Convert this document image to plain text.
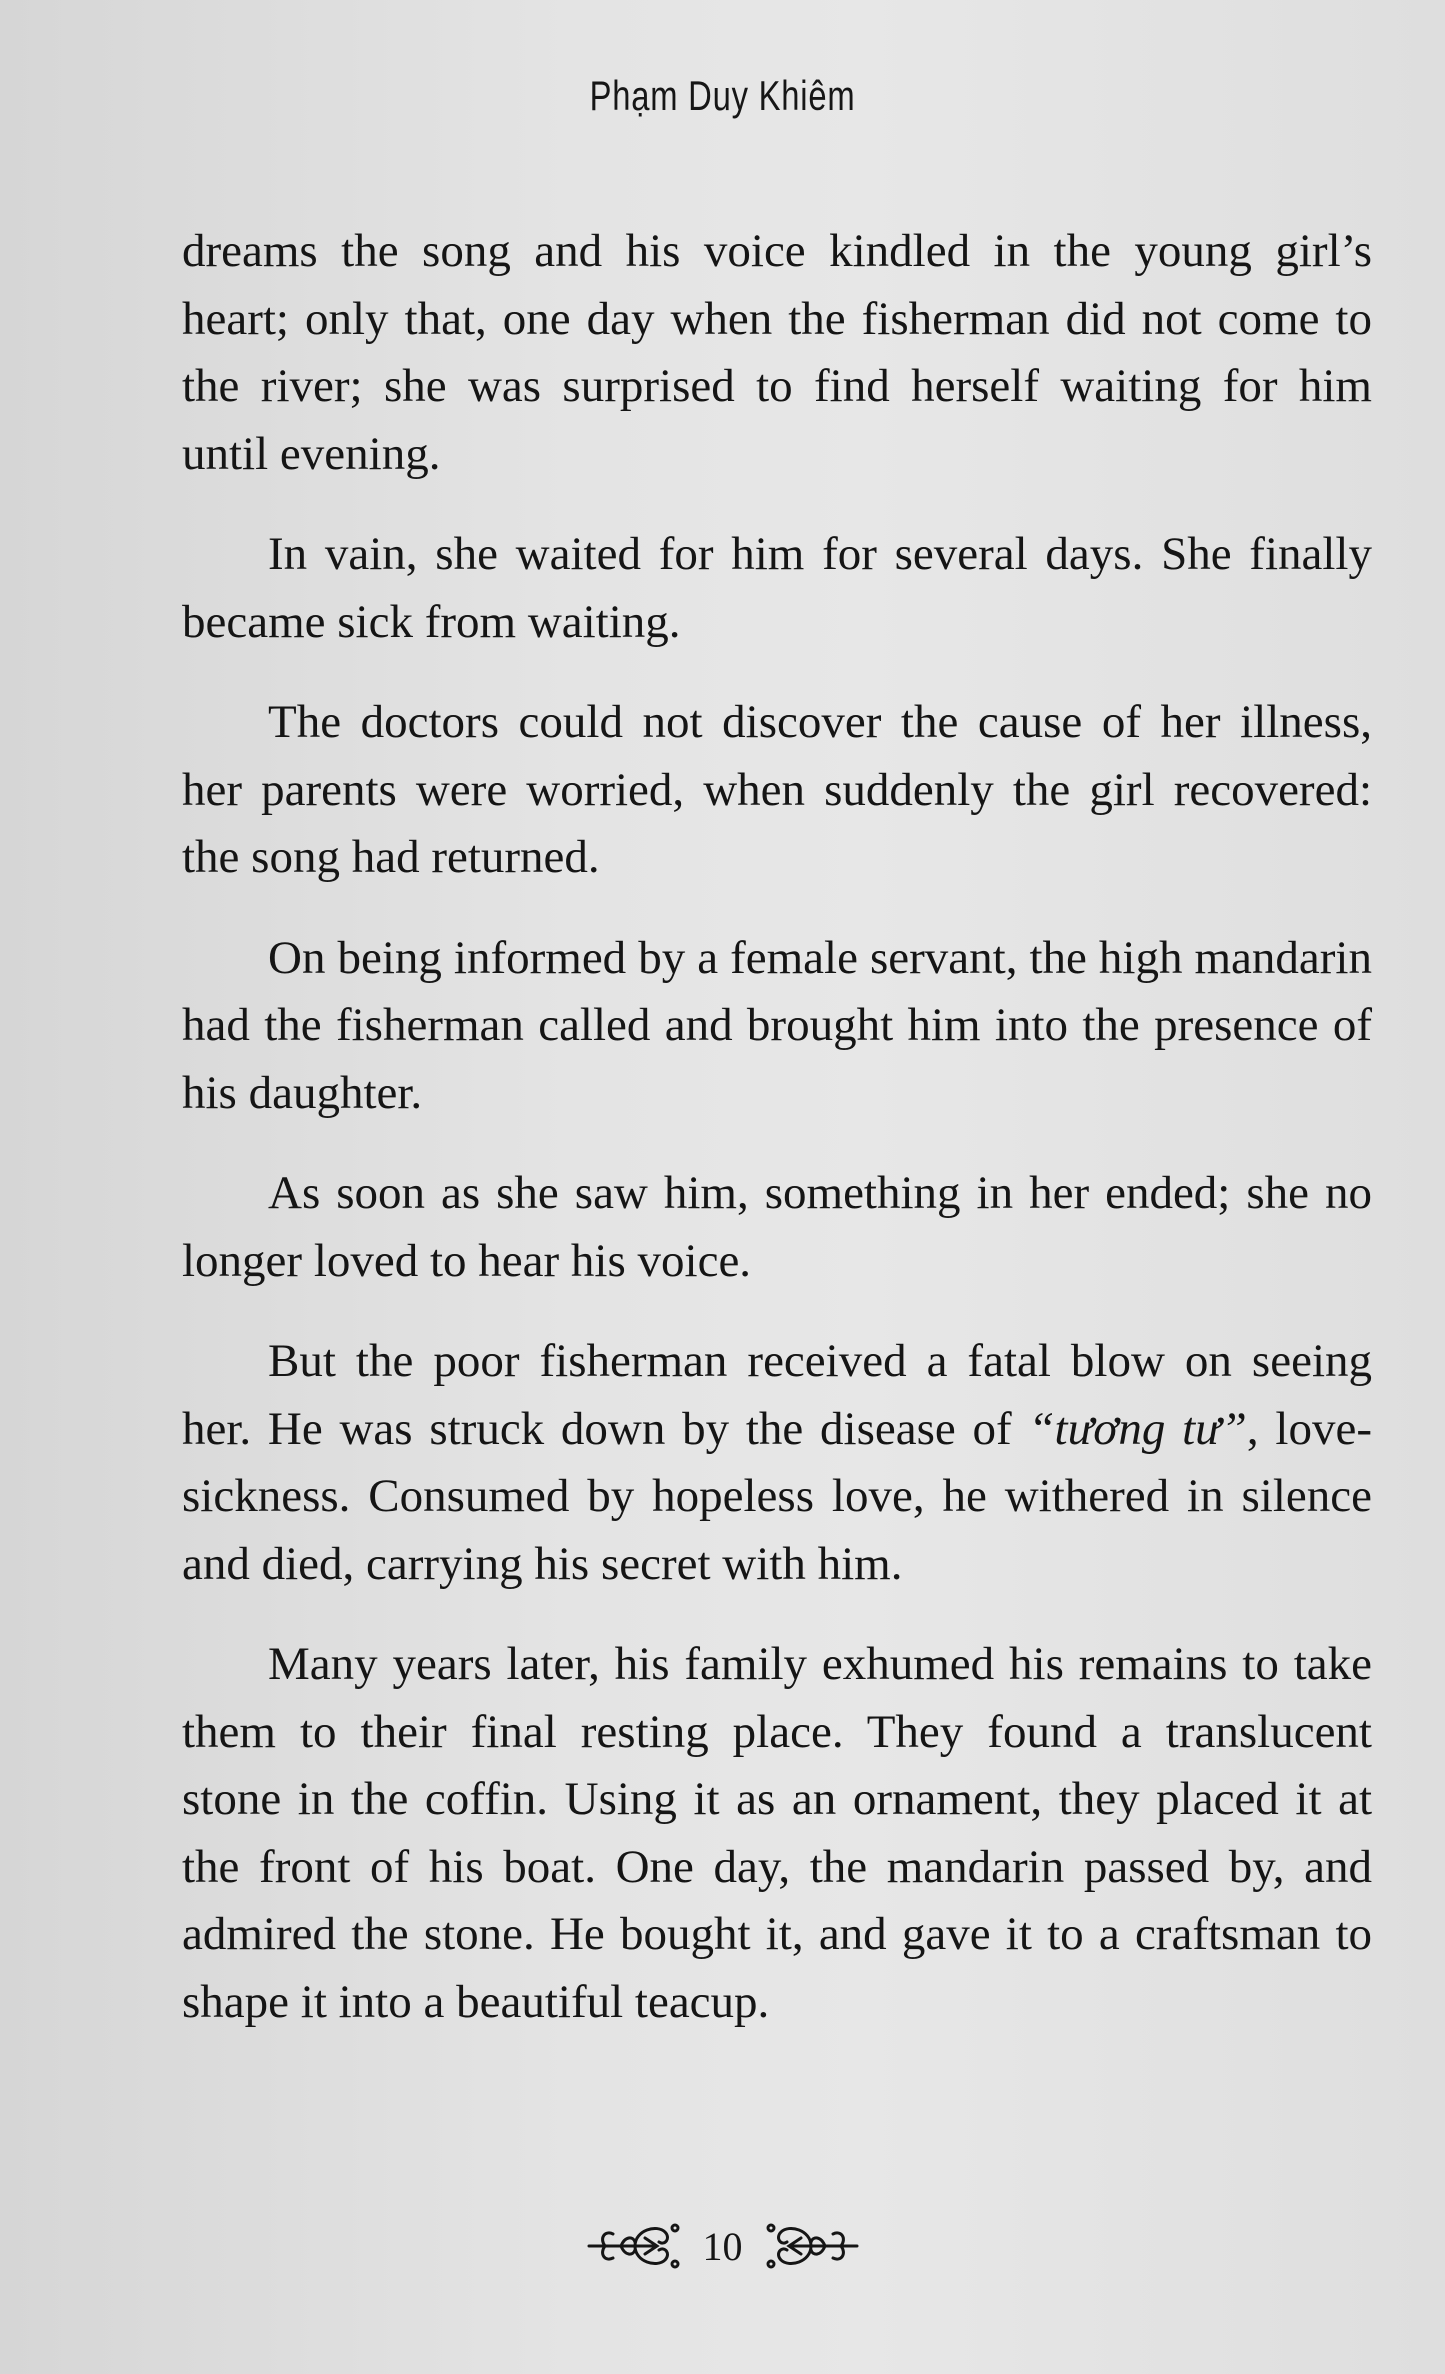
Phạm Duy Khiêm

dreams the song and his voice kindled in the young girl’s heart; only that, one day when the fisherman did not come to the river; she was surprised to find herself waiting for him until evening.

In vain, she waited for him for several days. She finally became sick from waiting.

The doctors could not discover the cause of her illness, her parents were worried, when suddenly the girl recovered: the song had returned.

On being informed by a female servant, the high mandarin had the fisherman called and brought him into the presence of his daughter.

As soon as she saw him, something in her ended; she no longer loved to hear his voice.

But the poor fisherman received a fatal blow on seeing her. He was struck down by the disease of “tương tư”, love-sickness. Consumed by hopeless love, he withered in silence and died, carrying his secret with him.

Many years later, his family exhumed his remains to take them to their final resting place. They found a translucent stone in the coffin. Using it as an ornament, they placed it at the front of his boat. One day, the mandarin passed by, and admired the stone. He bought it, and gave it to a craftsman to shape it into a beautiful teacup.

10
